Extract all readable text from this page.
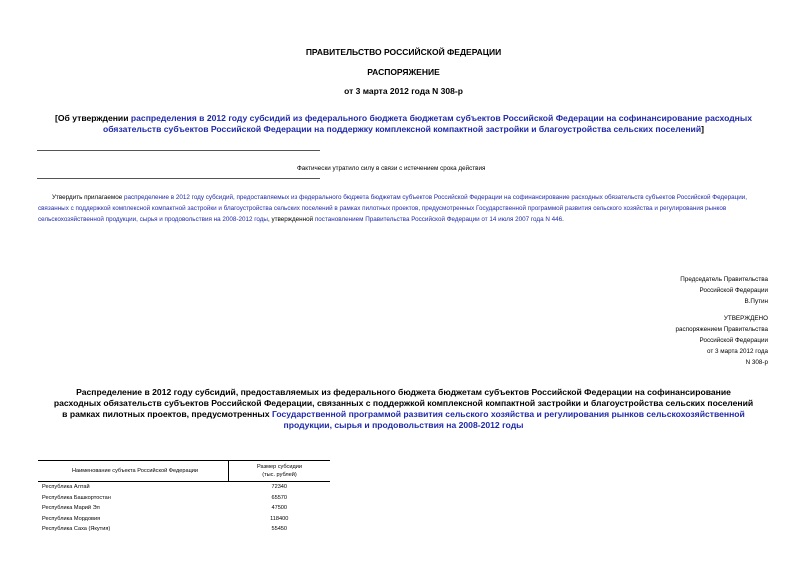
ПРАВИТЕЛЬСТВО РОССИЙСКОЙ ФЕДЕРАЦИИ
РАСПОРЯЖЕНИЕ
от 3 марта 2012 года N 308-р
[Об утверждении распределения в 2012 году субсидий из федерального бюджета бюджетам субъектов Российской Федерации на софинансирование расходных
обязательств субъектов Российской Федерации на поддержку комплексной компактной застройки и благоустройства сельских поселений]
Фактически утратило силу в связи с истечением срока действия
Утвердить прилагаемое распределение в 2012 году субсидий, предоставляемых из федерального бюджета бюджетам субъектов Российской Федерации на софинансирование расходных обязательств субъектов Российской Федерации, связанных с поддержкой комплексной компактной застройки и благоустройства сельских поселений в рамках пилотных проектов, предусмотренных Государственной программой развития сельского хозяйства и регулирования рынков сельскохозяйственной продукции, сырья и продовольствия на 2008-2012 годы, утвержденной постановлением Правительства Российской Федерации от 14 июля 2007 года N 446.
Председатель Правительства
Российской Федерации
В.Путин
УТВЕРЖДЕНО
распоряжением Правительства
Российской Федерации
от 3 марта 2012 года
N 308-р
Распределение в 2012 году субсидий, предоставляемых из федерального бюджета бюджетам субъектов Российской Федерации на софинансирование
расходных обязательств субъектов Российской Федерации, связанных с поддержкой комплексной компактной застройки и благоустройства сельских поселений
в рамках пилотных проектов, предусмотренных Государственной программой развития сельского хозяйства и регулирования рынков сельскохозяйственной
продукции, сырья и продовольствия на 2008-2012 годы
Наименование субъекта Российской Федерации	Размер субсидии
(тыс. рублей)

Республика Алтай	72340
Республика Башкортостан	65570
Республика Марий Эл	47500
Республика Мордовия	118400
Республика Саха (Якутия)	55450
